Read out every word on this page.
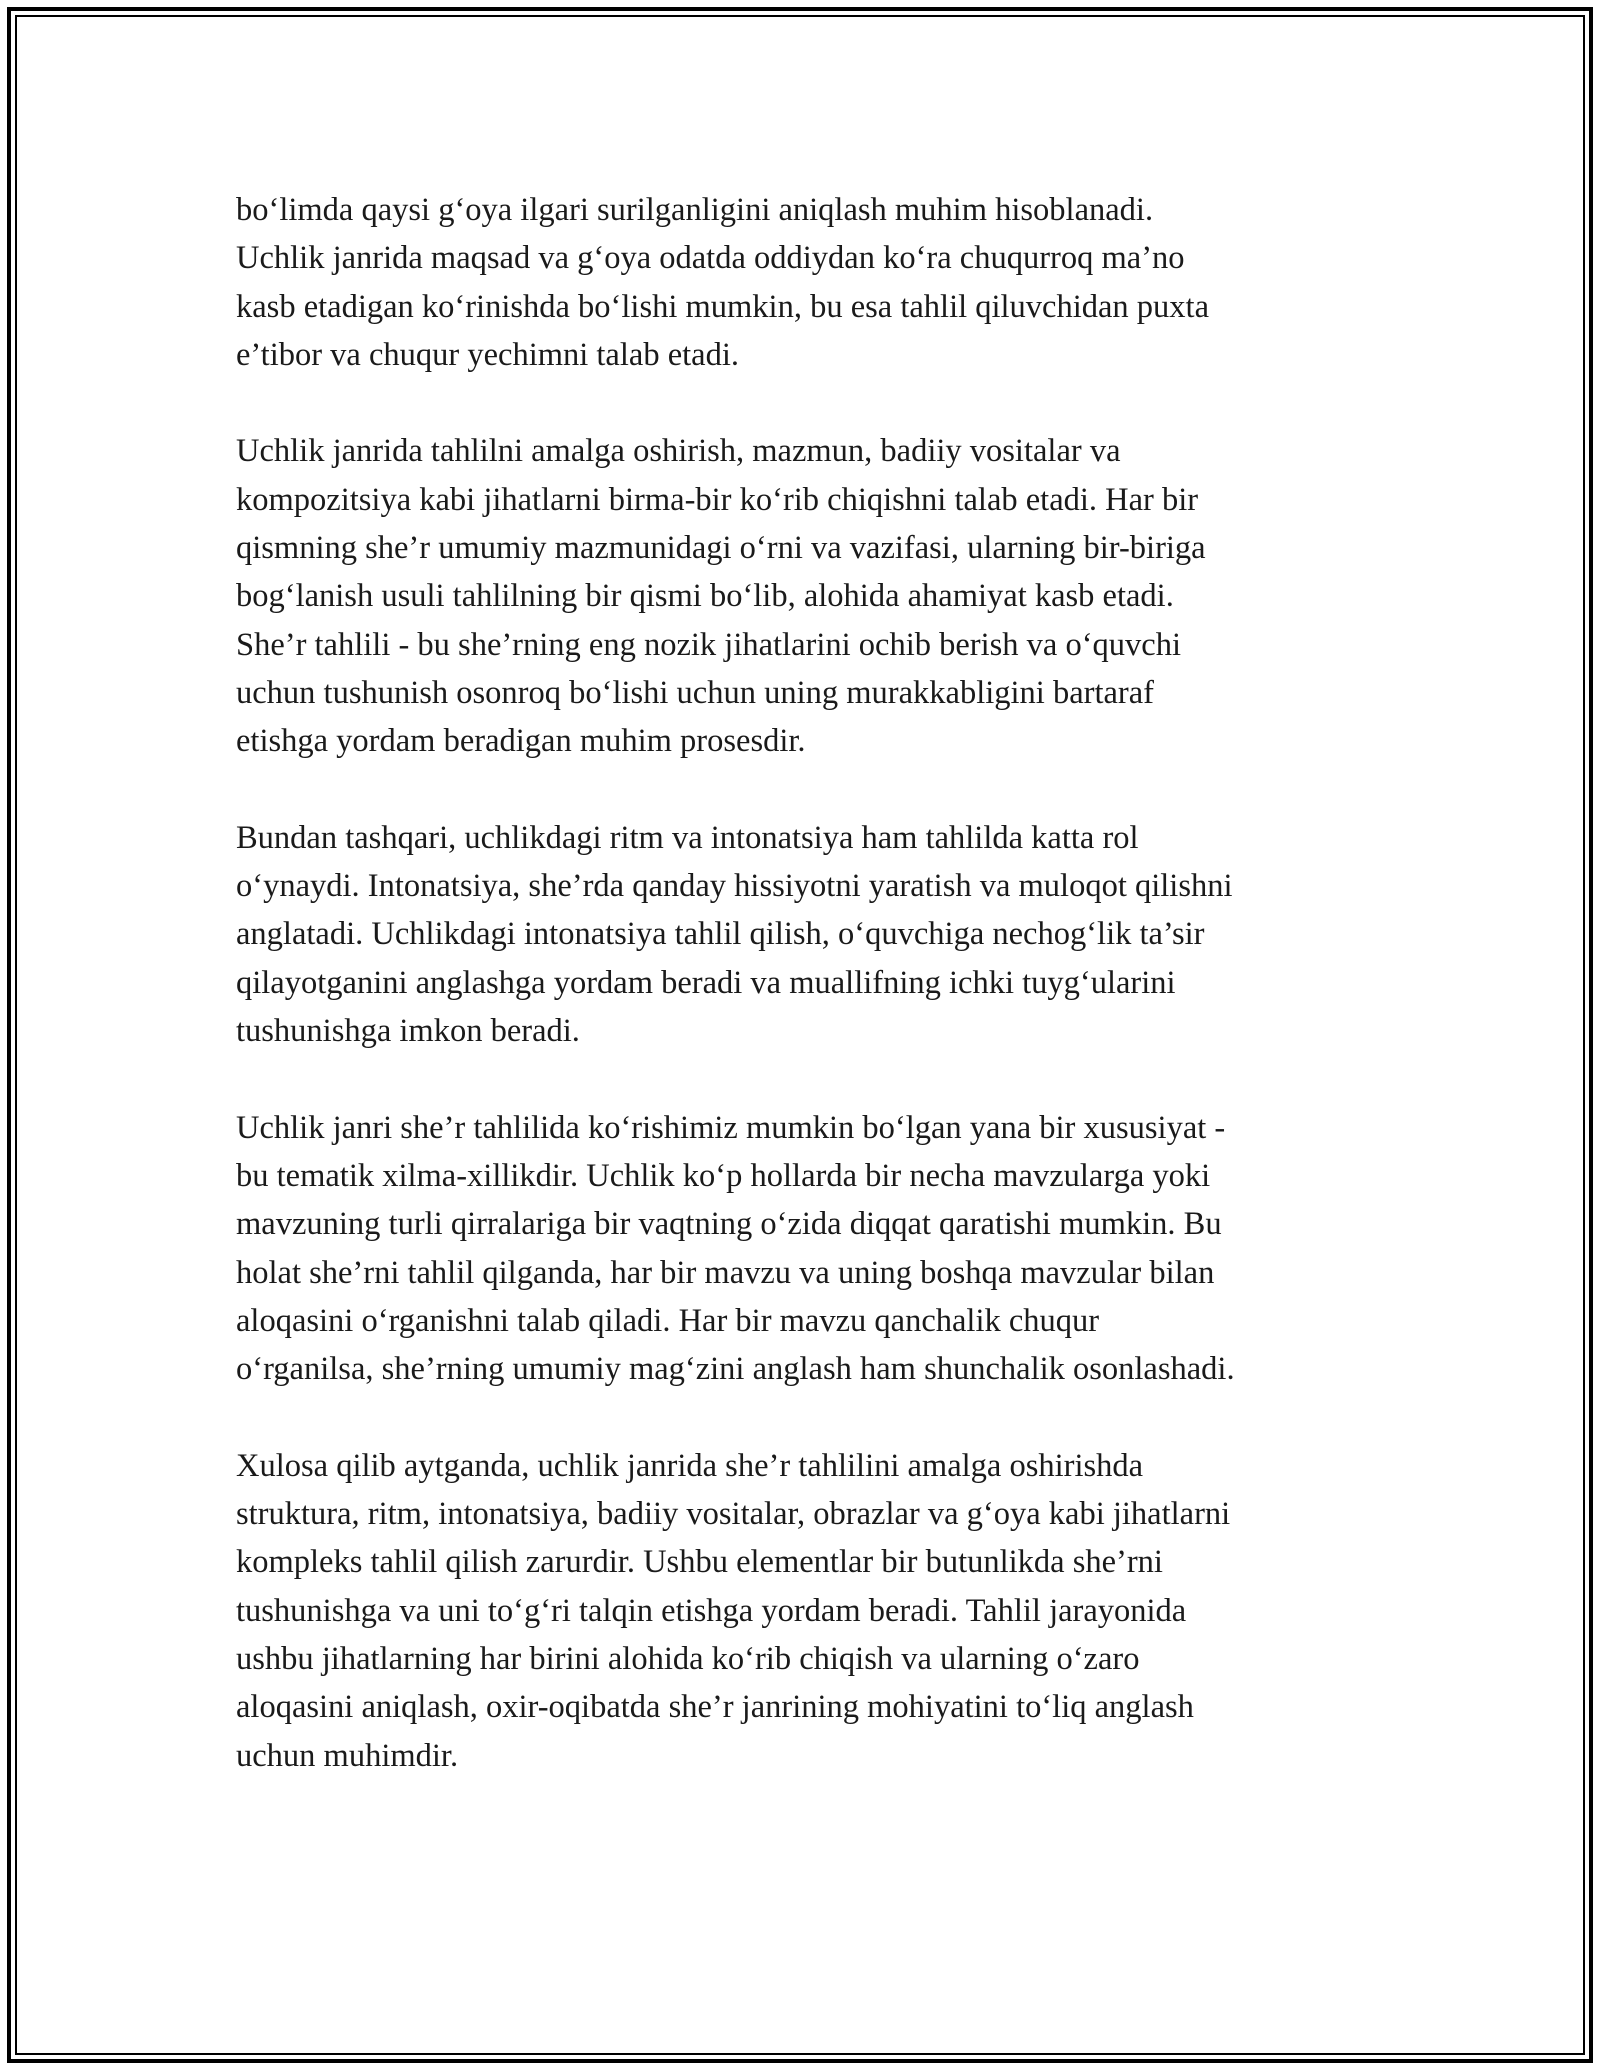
bo‘limda qaysi g‘oya ilgari surilganligini aniqlash muhim hisoblanadi.
Uchlik janrida maqsad va g‘oya odatda oddiydan ko‘ra chuqurroq ma’no
kasb etadigan ko‘rinishda bo‘lishi mumkin, bu esa tahlil qiluvchidan puxta
e’tibor va chuqur yechimni talab etadi.

Uchlik janrida tahlilni amalga oshirish, mazmun, badiiy vositalar va
kompozitsiya kabi jihatlarni birma-bir ko‘rib chiqishni talab etadi. Har bir
qismning she’r umumiy mazmunidagi o‘rni va vazifasi, ularning bir-biriga
bog‘lanish usuli tahlilning bir qismi bo‘lib, alohida ahamiyat kasb etadi.
She’r tahlili - bu she’rning eng nozik jihatlarini ochib berish va o‘quvchi
uchun tushunish osonroq bo‘lishi uchun uning murakkabligini bartaraf
etishga yordam beradigan muhim prosesdir.

Bundan tashqari, uchlikdagi ritm va intonatsiya ham tahlilda katta rol
o‘ynaydi. Intonatsiya, she’rda qanday hissiyotni yaratish va muloqot qilishni
anglatadi. Uchlikdagi intonatsiya tahlil qilish, o‘quvchiga nechog‘lik ta’sir
qilayotganini anglashga yordam beradi va muallifning ichki tuyg‘ularini
tushunishga imkon beradi.

Uchlik janri she’r tahlilida ko‘rishimiz mumkin bo‘lgan yana bir xususiyat -
bu tematik xilma-xillikdir. Uchlik ko‘p hollarda bir necha mavzularga yoki
mavzuning turli qirralariga bir vaqtning o‘zida diqqat qaratishi mumkin. Bu
holat she’rni tahlil qilganda, har bir mavzu va uning boshqa mavzular bilan
aloqasini o‘rganishni talab qiladi. Har bir mavzu qanchalik chuqur
o‘rganilsa, she’rning umumiy mag‘zini anglash ham shunchalik osonlashadi.

Xulosa qilib aytganda, uchlik janrida she’r tahlilini amalga oshirishda
struktura, ritm, intonatsiya, badiiy vositalar, obrazlar va g‘oya kabi jihatlarni
kompleks tahlil qilish zarurdir. Ushbu elementlar bir butunlikda she’rni
tushunishga va uni to‘g‘ri talqin etishga yordam beradi. Tahlil jarayonida
ushbu jihatlarning har birini alohida ko‘rib chiqish va ularning o‘zaro
aloqasini aniqlash, oxir-oqibatda she’r janrining mohiyatini to‘liq anglash
uchun muhimdir.
